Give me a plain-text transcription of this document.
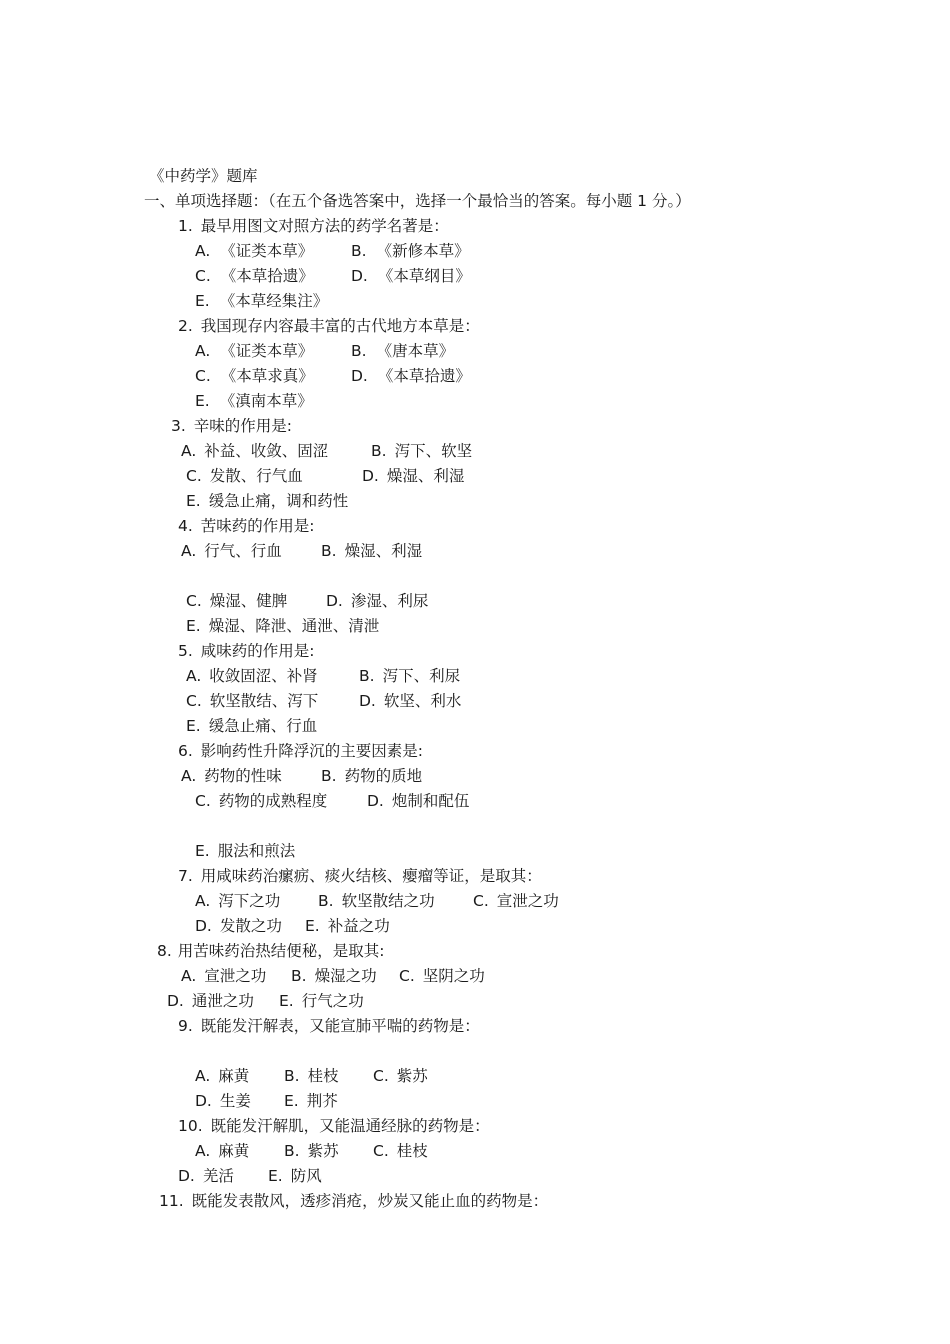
《中药学》题库
一、单项选择题：（在五个备选答案中，选择一个最恰当的答案。每小题 1 分。）
1. 最早用图文对照方法的药学名著是：
A. 《证类本草》 B. 《新修本草》
C. 《本草拾遗》 D. 《本草纲目》
E. 《本草经集注》
2. 我国现存内容最丰富的古代地方本草是：
A. 《证类本草》 B. 《唐本草》
C. 《本草求真》 D. 《本草拾遗》
E. 《滇南本草》
3. 辛味的作用是:
A. 补益、收敛、固涩	B. 泻下、软坚
C. 发散、行气血	D. 燥湿、利湿
E. 缓急止痛，调和药性
4. 苦味药的作用是:
A. 行气、行血	B. 燥湿、利湿
C. 燥湿、健脾 D. 渗湿、利尿
E. 燥湿、降泄、通泄、清泄
5. 咸味药的作用是:
A. 收敛固涩、补肾	B. 泻下、利尿
C. 软坚散结、泻下	D. 软坚、利水
E. 缓急止痛、行血
6. 影响药性升降浮沉的主要因素是:
A. 药物的性味	B. 药物的质地
C. 药物的成熟程度	D. 炮制和配伍
E. 服法和煎法
7. 用咸味药治瘰疬、痰火结核、瘿瘤等证，是取其：
A. 泻下之功 B. 软坚散结之功 C. 宣泄之功
D. 发散之功 E. 补益之功
8. 用苦味药治热结便秘，是取其:
A. 宣泄之功 B. 燥湿之功 C. 坚阴之功
D. 通泄之功 E. 行气之功
9. 既能发汗解表，又能宣肺平喘的药物是：
A. 麻黄 B. 桂枝 C. 紫苏
D. 生姜 E. 荆芥
10. 既能发汗解肌，又能温通经脉的药物是：
A. 麻黄 B. 紫苏 C. 桂枝
D. 羌活 E. 防风
11. 既能发表散风，透疹消疮，炒炭又能止血的药物是：
